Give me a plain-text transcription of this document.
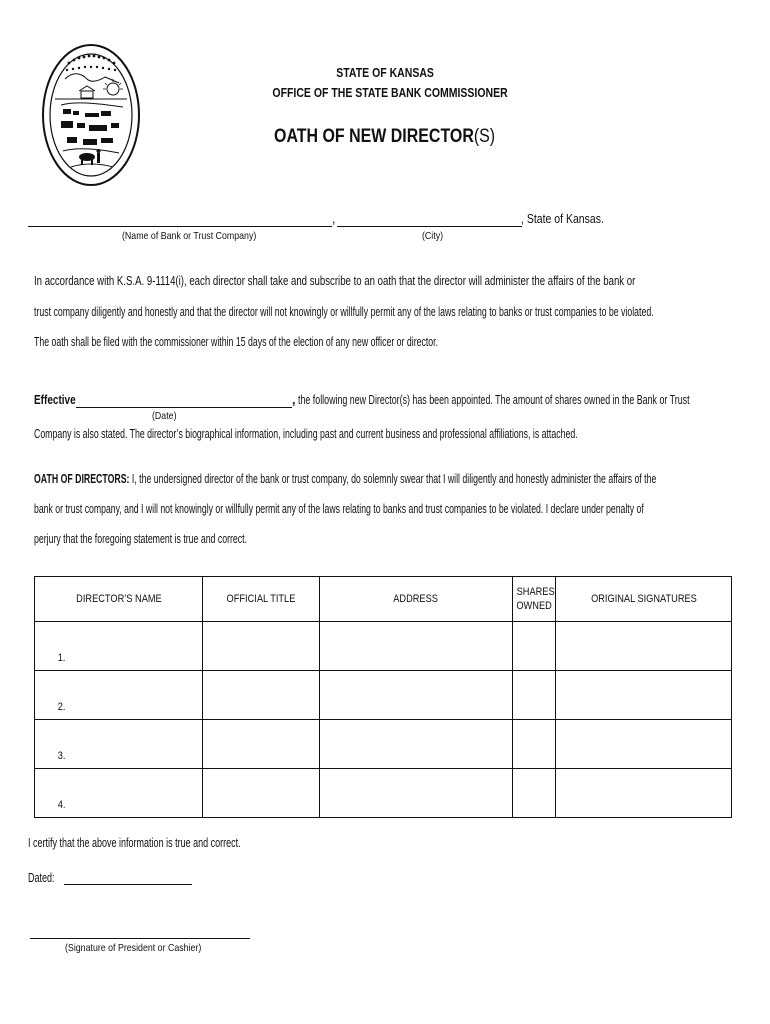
STATE OF KANSAS
OFFICE OF THE STATE BANK COMMISSIONER
OATH OF NEW DIRECTOR(S)
,	, State of Kansas.
(Name of Bank or Trust Company)	(City)
In accordance with K.S.A. 9-1114(i), each director shall take and subscribe to an oath that the director will administer the affairs of the bank or
trust company diligently and honestly and that the director will not knowingly or willfully permit any of the laws relating to banks or trust companies to be violated.
The oath shall be filed with the commissioner within 15 days of the election of any new officer or director.
Effective	, the following new Director(s) has been appointed. The amount of shares owned in the Bank or Trust
(Date)
Company is also stated. The director’s biographical information, including past and current business and professional affiliations, is attached.
OATH OF DIRECTORS: I, the undersigned director of the bank or trust company, do solemnly swear that I will diligently and honestly administer the affairs of the
bank or trust company, and I will not knowingly or willfully permit any of the laws relating to banks and trust companies to be violated. I declare under penalty of
perjury that the foregoing statement is true and correct.
DIRECTOR’S NAME	OFFICIAL TITLE	ADDRESS	SHARES
OWNED	ORIGINAL SIGNATURES
1.				
2.				
3.				
4.				
I certify that the above information is true and correct.
Dated:
(Signature of President or Cashier)
